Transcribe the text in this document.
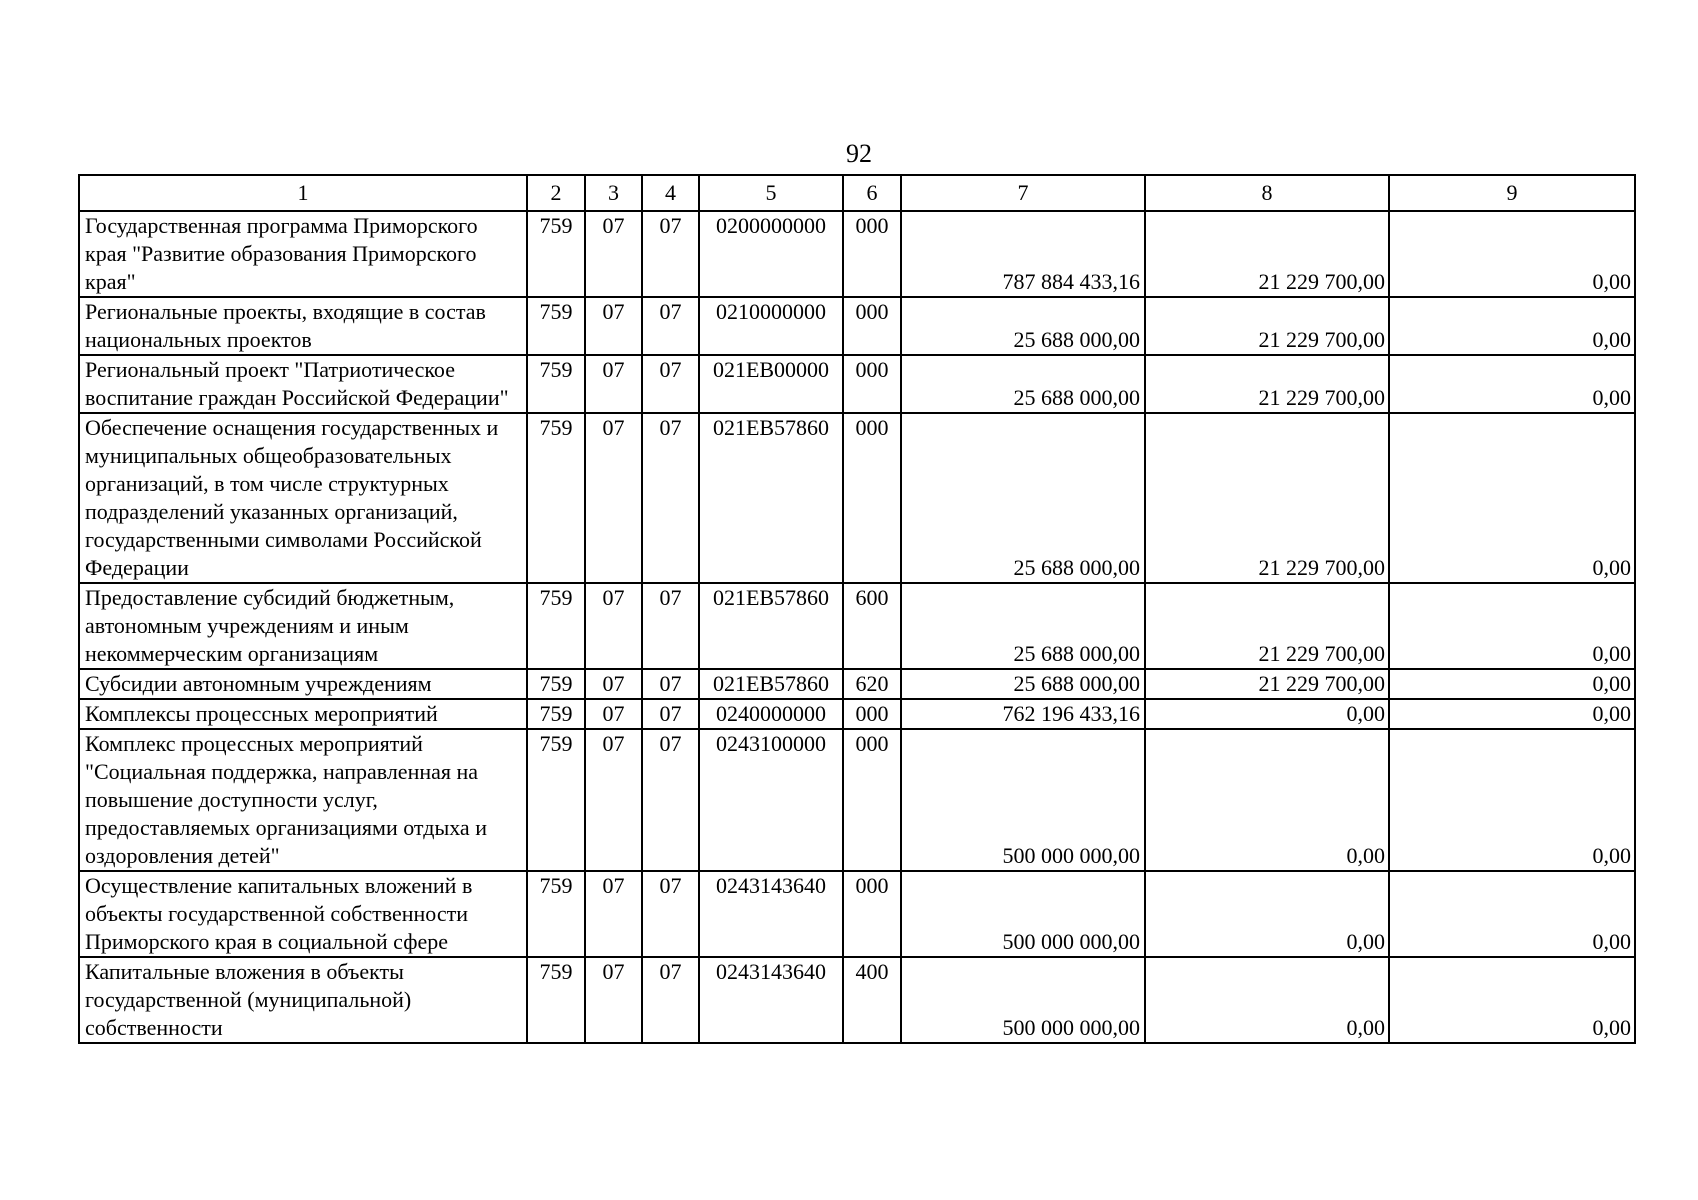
92
1	2	3	4	5	6	7	8	9
Государственная программа Приморского края "Развитие образования Приморского края"	759	07	07	0200000000	000	787 884 433,16	21 229 700,00	0,00
Региональные проекты, входящие в состав национальных проектов	759	07	07	0210000000	000	25 688 000,00	21 229 700,00	0,00
Региональный проект "Патриотическое воспитание граждан Российской Федерации"	759	07	07	021EB00000	000	25 688 000,00	21 229 700,00	0,00
Обеспечение оснащения государственных и муниципальных общеобразовательных организаций, в том числе структурных подразделений указанных организаций, государственными символами Российской Федерации	759	07	07	021EB57860	000	25 688 000,00	21 229 700,00	0,00
Предоставление субсидий бюджетным, автономным учреждениям и иным некоммерческим организациям	759	07	07	021EB57860	600	25 688 000,00	21 229 700,00	0,00
Субсидии автономным учреждениям	759	07	07	021EB57860	620	25 688 000,00	21 229 700,00	0,00
Комплексы процессных мероприятий	759	07	07	0240000000	000	762 196 433,16	0,00	0,00
Комплекс процессных мероприятий "Социальная поддержка, направленная на повышение доступности услуг, предоставляемых организациями отдыха и оздоровления детей"	759	07	07	0243100000	000	500 000 000,00	0,00	0,00
Осуществление капитальных вложений в объекты государственной собственности Приморского края в социальной сфере	759	07	07	0243143640	000	500 000 000,00	0,00	0,00
Капитальные вложения в объекты государственной (муниципальной) собственности	759	07	07	0243143640	400	500 000 000,00	0,00	0,00
